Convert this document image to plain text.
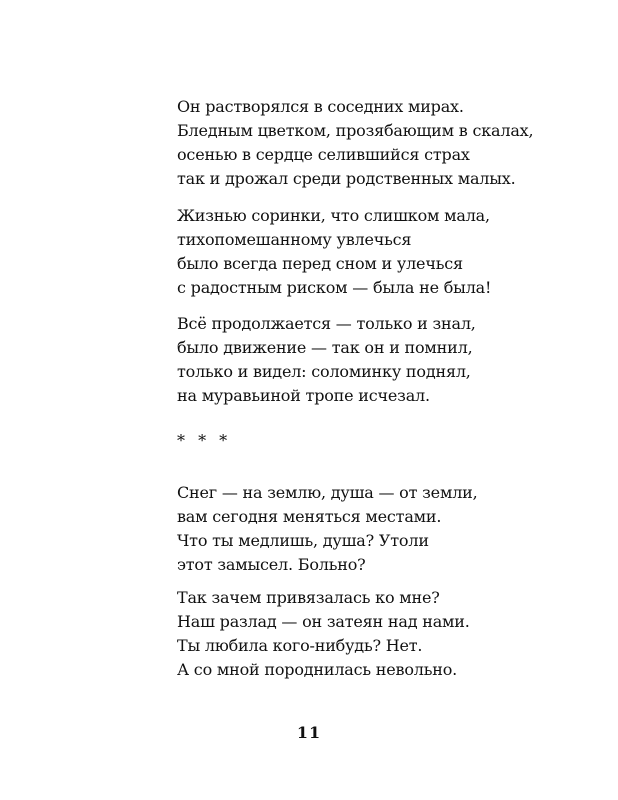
Он растворялся в соседних мирах.
Бледным цветком, прозябающим в скалах,
осенью в сердце селившийся страх
так и дрожал среди родственных малых.
Жизнью соринки, что слишком мала,
тихопомешанному увлечься
было всегда перед сном и улечься
с радостным риском — была не была!
Всё продолжается — только и знал,
было движение — так он и помнил,
только и видел: соломинку поднял,
на муравьиной тропе исчезал.
* * *
Снег — на землю, душа — от земли,
вам сегодня меняться местами.
Что ты медлишь, душа? Утоли
этот замысел. Больно?
Так зачем привязалась ко мне?
Наш разлад — он затеян над нами.
Ты любила кого-нибудь? Нет.
А со мной породнилась невольно.
11
